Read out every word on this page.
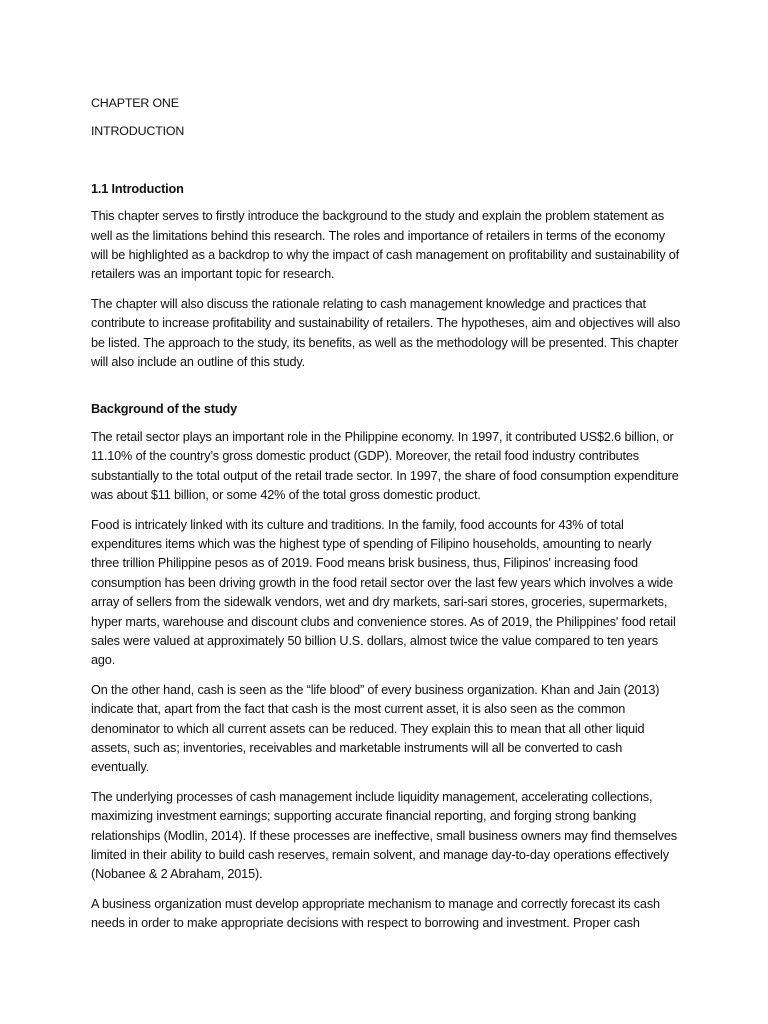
CHAPTER ONE
INTRODUCTION
1.1 Introduction

This chapter serves to firstly introduce the background to the study and explain the problem statement as well as the limitations behind this research. The roles and importance of retailers in terms of the economy will be highlighted as a backdrop to why the impact of cash management on profitability and sustainability of retailers was an important topic for research.

The chapter will also discuss the rationale relating to cash management knowledge and practices that contribute to increase profitability and sustainability of retailers. The hypotheses, aim and objectives will also be listed. The approach to the study, its benefits, as well as the methodology will be presented. This chapter will also include an outline of this study.

Background of the study

The retail sector plays an important role in the Philippine economy. In 1997, it contributed US$2.6 billion, or 11.10% of the country’s gross domestic product (GDP). Moreover, the retail food industry contributes substantially to the total output of the retail trade sector. In 1997, the share of food consumption expenditure was about $11 billion, or some 42% of the total gross domestic product.

Food is intricately linked with its culture and traditions. In the family, food accounts for 43% of total expenditures items which was the highest type of spending of Filipino households, amounting to nearly three trillion Philippine pesos as of 2019. Food means brisk business, thus, Filipinos' increasing food consumption has been driving growth in the food retail sector over the last few years which involves a wide array of sellers from the sidewalk vendors, wet and dry markets, sari-sari stores, groceries, supermarkets, hyper marts, warehouse and discount clubs and convenience stores. As of 2019, the Philippines' food retail sales were valued at approximately 50 billion U.S. dollars, almost twice the value compared to ten years ago.

On the other hand, cash is seen as the “life blood” of every business organization. Khan and Jain (2013) indicate that, apart from the fact that cash is the most current asset, it is also seen as the common denominator to which all current assets can be reduced. They explain this to mean that all other liquid assets, such as; inventories, receivables and marketable instruments will all be converted to cash eventually.

The underlying processes of cash management include liquidity management, accelerating collections, maximizing investment earnings; supporting accurate financial reporting, and forging strong banking relationships (Modlin, 2014). If these processes are ineffective, small business owners may find themselves limited in their ability to build cash reserves, remain solvent, and manage day-to-day operations effectively (Nobanee & 2 Abraham, 2015).

A business organization must develop appropriate mechanism to manage and correctly forecast its cash needs in order to make appropriate decisions with respect to borrowing and investment. Proper cash
